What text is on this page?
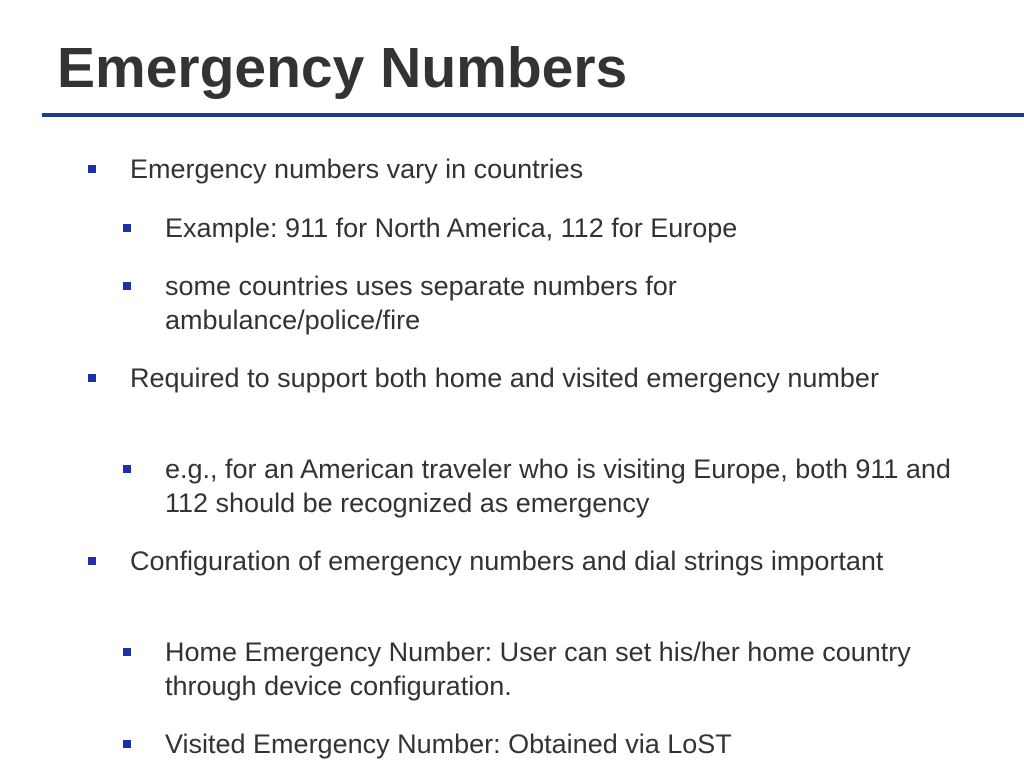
Emergency Numbers
Emergency numbers vary in countries
Example: 911 for North America, 112 for Europe
some countries uses separate numbers for ambulance/police/fire
Required to support both home and visited emergency number
e.g., for an American traveler who is visiting Europe, both 911 and 112 should be recognized as emergency
Configuration of emergency numbers and dial strings important
Home Emergency Number: User can set his/her home country through device configuration.
Visited Emergency Number: Obtained via LoST
